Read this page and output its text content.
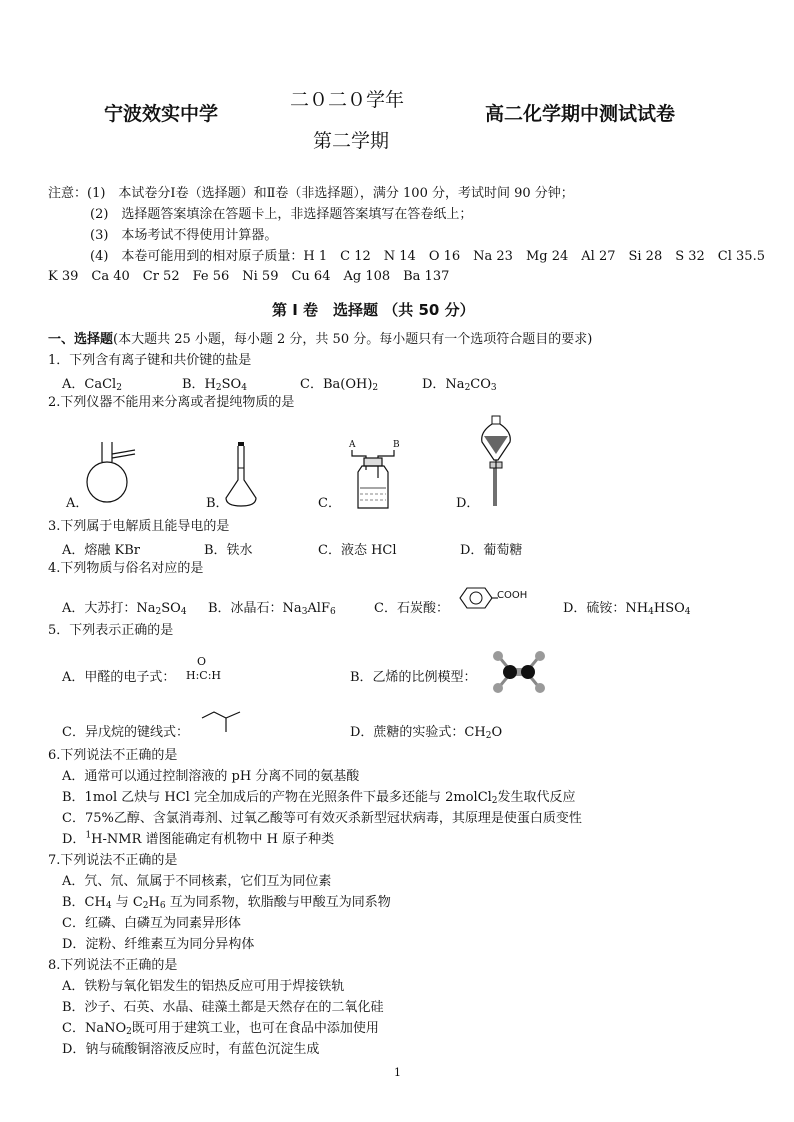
宁波效实中学
二０二０学年
第二学期
高二化学期中测试试卷
注意：(1)　本试卷分Ⅰ卷（选择题）和Ⅱ卷（非选择题），满分 100 分，考试时间 90 分钟；
(2)　选择题答案填涂在答题卡上，非选择题答案填写在答卷纸上；
(3)　本场考试不得使用计算器。
(4)　本卷可能用到的相对原子质量：H 1　C 12　N 14　O 16　Na 23　Mg 24　Al 27　Si 28　S 32　Cl 35.5
K 39　Ca 40　Cr 52　Fe 56　Ni 59　Cu 64　Ag 108　Ba 137
第 Ⅰ 卷　选择题 （共 50 分）
一、选择题(本大题共 25 小题，每小题 2 分，共 50 分。每小题只有一个选项符合题目的要求)
1．下列含有离子键和共价键的盐是
A．CaCl$_2$	B．$H_2SO_4$	C．$Ba(OH)_2$	D．$Na_2CO_3$
2.下列仪器不能用来分离或者提纯物质的是
A．	B．	C．
A	B
D．
3.下列属于电解质且能导电的是
A．熔融 KBr	B．铁水	C．液态 HCl	D．葡萄糖
4.下列物质与俗名对应的是
A．大苏打：$Na_2SO_4$ B．冰晶石：$Na_3AlF_6$	C．石炭酸：
COOH
D．硫铵：$NH_4HSO_4$
5．下列表示正确的是
A．甲醛的电子式：
O
H:C:H	B．乙烯的比例模型：
C．异戊烷的键线式：	D．蔗糖的实验式：$CH_2O$
6.下列说法不正确的是
A．通常可以通过控制溶液的 pH 分离不同的氨基酸
B．1mol 乙炔与 HCl 完全加成后的产物在光照条件下最多还能与 2molCl$_2$发生取代反应
C．75%乙醇、含氯消毒剂、过氧乙酸等可有效灭杀新型冠状病毒，其原理是使蛋白质变性
D．$^1$H-NMR 谱图能确定有机物中 H 原子种类
7.下列说法不正确的是
A．氕、氘、氚属于不同核素，它们互为同位素
B．$CH_4$ 与 $C_2H_6$ 互为同系物，软脂酸与甲酸互为同系物
C．红磷、白磷互为同素异形体
D．淀粉、纤维素互为同分异构体
8.下列说法不正确的是
A．铁粉与氧化铝发生的铝热反应可用于焊接铁轨
B．沙子、石英、水晶、硅藻土都是天然存在的二氧化硅
C．NaNO$_2$既可用于建筑工业，也可在食品中添加使用
D．钠与硫酸铜溶液反应时，有蓝色沉淀生成
1
